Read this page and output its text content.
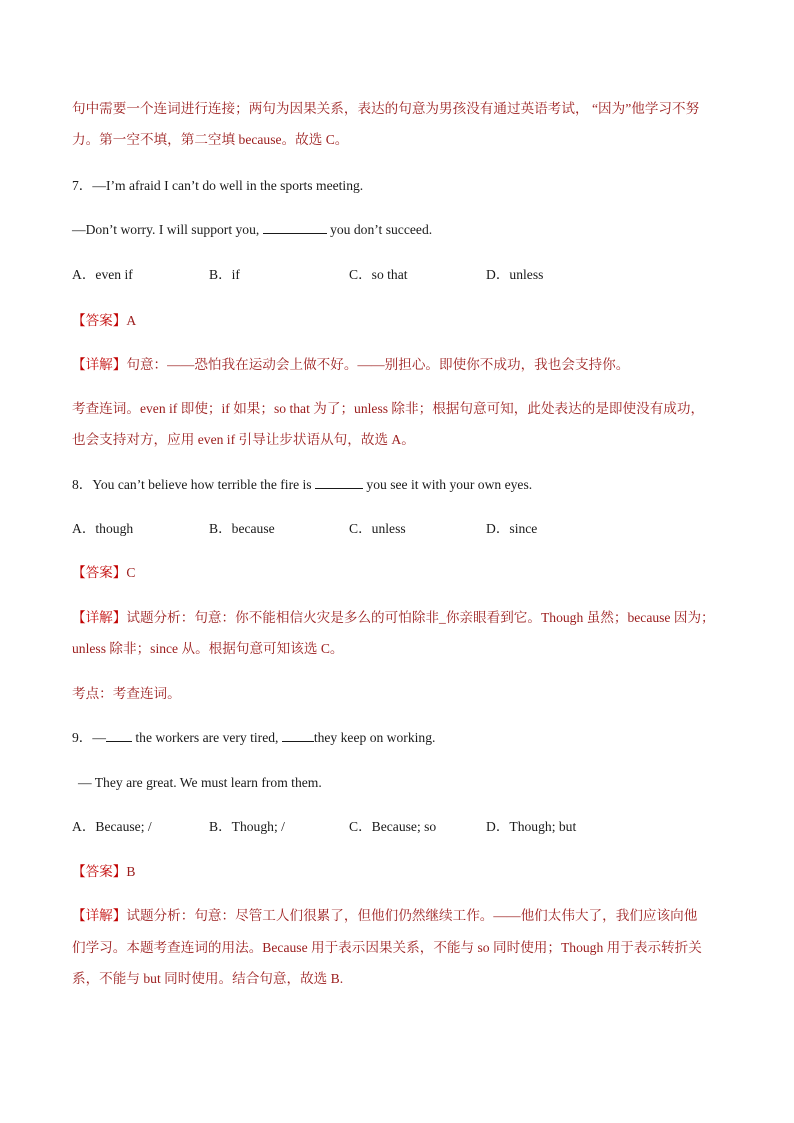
句中需要一个连词进行连接；两句为因果关系，表达的句意为男孩没有通过英语考试， “因为”他学习不努
力。第一空不填，第二空填 because。故选 C。
7．—I’m afraid I can’t do well in the sports meeting.
—Don’t worry. I will support you,	you don’t succeed.
A．even if	B．if	C．so that	D．unless
【答案】A
【详解】句意：——恐怕我在运动会上做不好。——别担心。即使你不成功，我也会支持你。
考查连词。even if 即使；if 如果；so that 为了；unless 除非；根据句意可知，此处表达的是即使没有成功，
也会支持对方，应用 even if 引导让步状语从句，故选 A。
8．You can’t believe how terrible the fire is	you see it with your own eyes.
A．though	B．because	C．unless	D．since
【答案】C
【详解】试题分析：句意：你不能相信火灾是多么的可怕除非_你亲眼看到它。Though 虽然；because 因为；
unless 除非；since 从。根据句意可知该选 C。
考点：考查连词。
9．— the workers are very tired, they keep on working.
— They are great. We must learn from them.
A．Because; /	B．Though; /	C．Because; so	D．Though; but
【答案】B
【详解】试题分析：句意：尽管工人们很累了，但他们仍然继续工作。——他们太伟大了，我们应该向他
们学习。本题考查连词的用法。Because 用于表示因果关系，不能与 so 同时使用；Though 用于表示转折关
系，不能与 but 同时使用。结合句意，故选 B.
